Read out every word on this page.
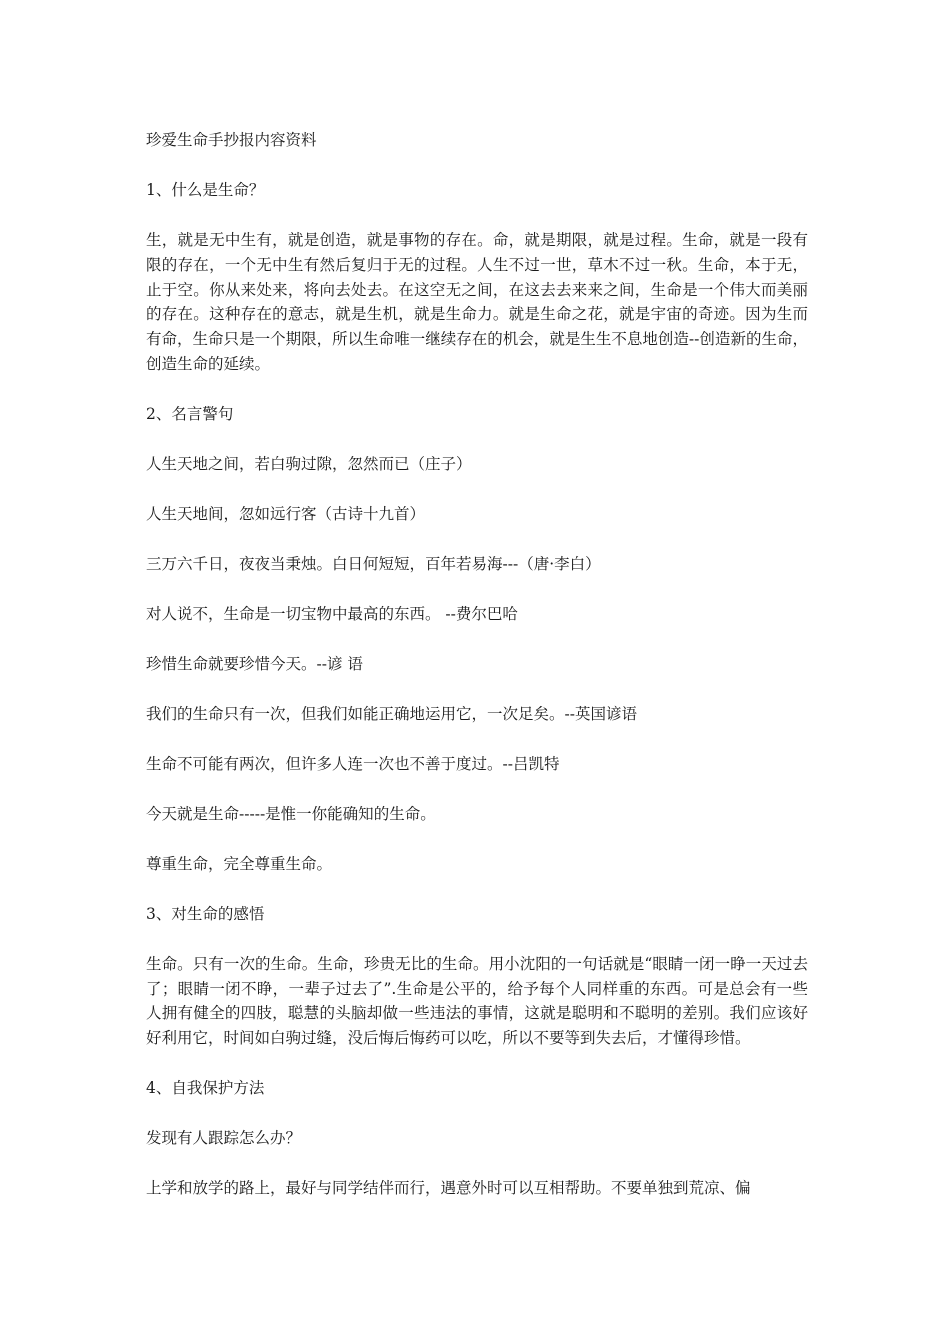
珍爱生命手抄报内容资料

1、什么是生命？

生，就是无中生有，就是创造，就是事物的存在。命，就是期限，就是过程。生命，就是一段有限的存在，一个无中生有然后复归于无的过程。人生不过一世，草木不过一秋。生命，本于无，止于空。你从来处来，将向去处去。在这空无之间，在这去去来来之间，生命是一个伟大而美丽的存在。这种存在的意志，就是生机，就是生命力。就是生命之花，就是宇宙的奇迹。因为生而有命，生命只是一个期限，所以生命唯一继续存在的机会，就是生生不息地创造--创造新的生命，创造生命的延续。

2、名言警句

人生天地之间，若白驹过隙，忽然而已（庄子）

人生天地间，忽如远行客（古诗十九首）

三万六千日，夜夜当秉烛。白日何短短，百年若易海---（唐·李白）

对人说不，生命是一切宝物中最高的东西。 --费尔巴哈

珍惜生命就要珍惜今天。--谚 语

我们的生命只有一次，但我们如能正确地运用它，一次足矣。--英国谚语

生命不可能有两次，但许多人连一次也不善于度过。--吕凯特

今天就是生命-----是惟一你能确知的生命。

尊重生命，完全尊重生命。

3、对生命的感悟

生命。只有一次的生命。生命，珍贵无比的生命。用小沈阳的一句话就是“眼睛一闭一睁一天过去了；眼睛一闭不睁，一辈子过去了”.生命是公平的，给予每个人同样重的东西。可是总会有一些人拥有健全的四肢，聪慧的头脑却做一些违法的事情，这就是聪明和不聪明的差别。我们应该好好利用它，时间如白驹过缝，没后悔后悔药可以吃，所以不要等到失去后，才懂得珍惜。

4、自我保护方法

发现有人跟踪怎么办？

上学和放学的路上，最好与同学结伴而行，遇意外时可以互相帮助。不要单独到荒凉、偏
